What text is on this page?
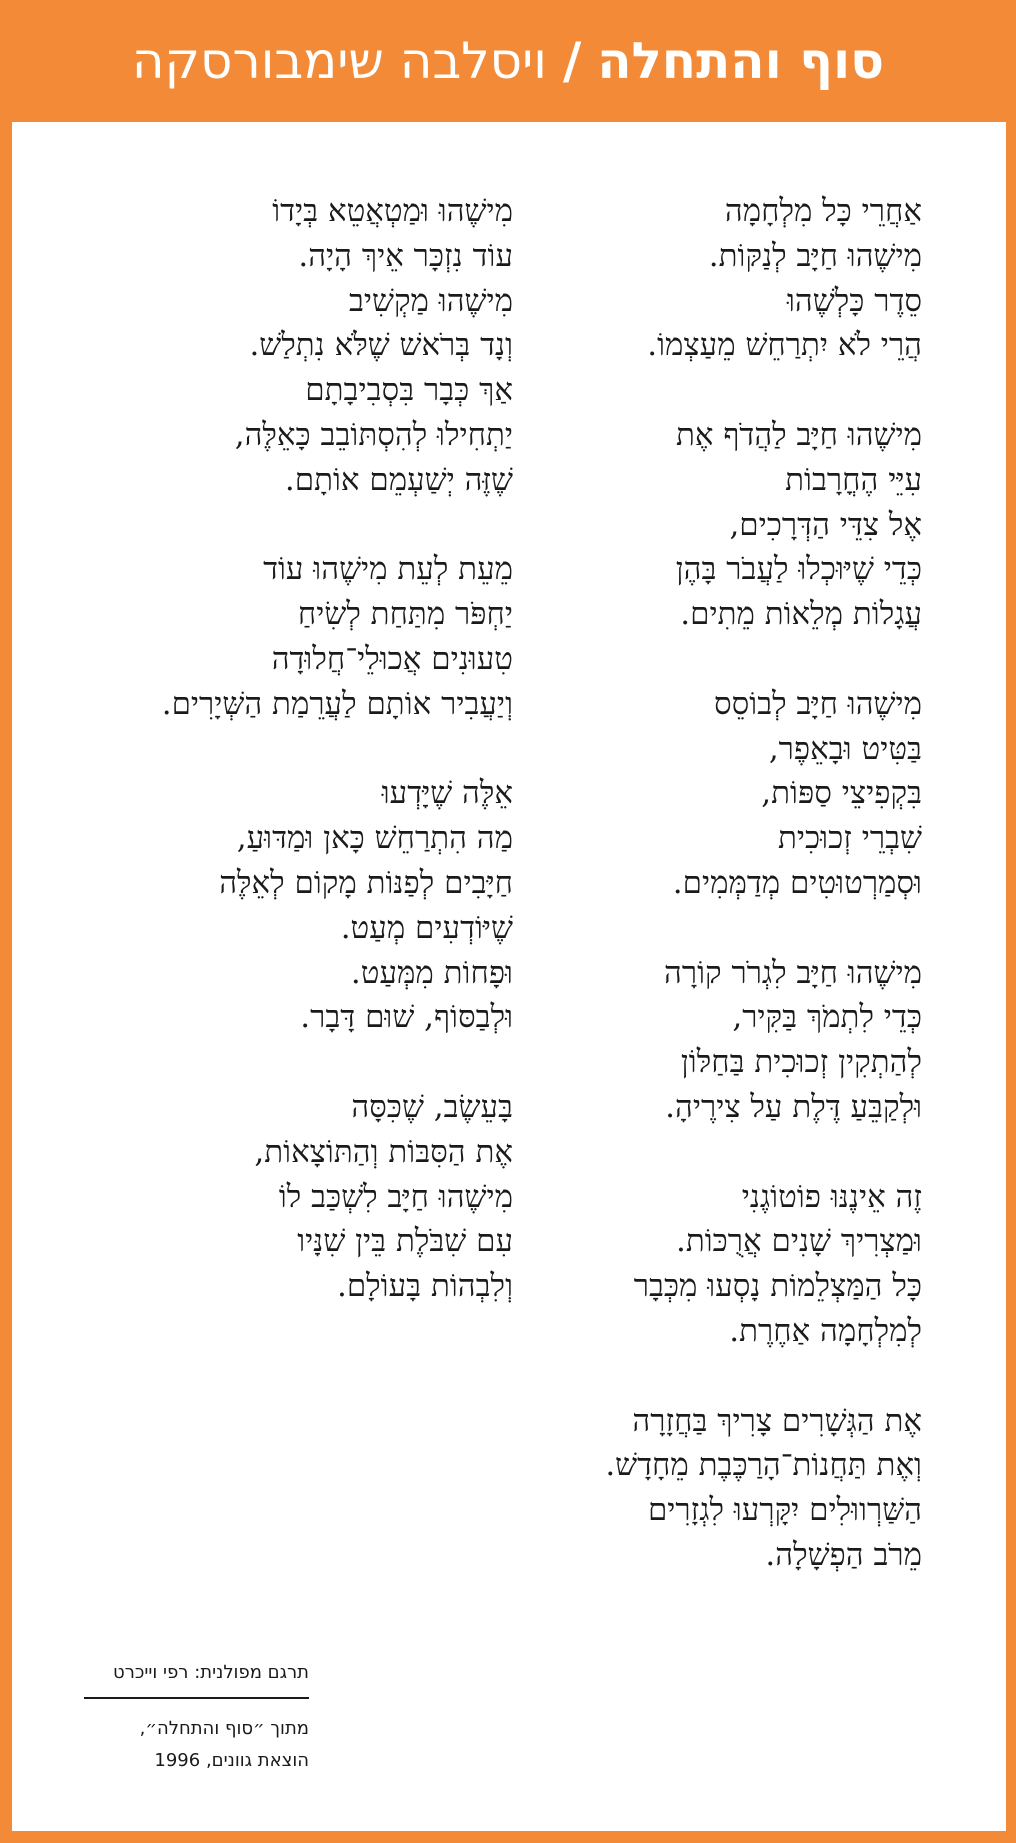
סוף והתחלה
/
ויסלבה שימבורסקה
אַחֲרֵי כָּל מִלְחָמָה
מִישֶׁהוּ חַיָּב לְנַקּוֹת.
סֵדֶר כָּלְשֶׁהוּ
הֲרֵי לֹא יִתְרַחֵשׁ מֵעַצְמוֹ.
מִישֶׁהוּ חַיָּב לַהֲדֹף אֶת
עִיֵּי הֶחֳרָבוֹת
אֶל צִדֵּי הַדְּרָכִים,
כְּדֵי שֶׁיּוּכְלוּ לַעֲבֹר בָּהֶן
עֲגָלוֹת מְלֵאוֹת מֵתִים.
מִישֶׁהוּ חַיָּב לְבוֹסֵס
בַּטִּיט וּבָאֵפֶר,
בִּקְפִיצֵי סַפּוֹת,
שִׁבְרֵי זְכוּכִית
וּסְמַרְטוּטִים מְדַמְּמִים.
מִישֶׁהוּ חַיָּב לִגְרֹר קוֹרָה
כְּדֵי לִתְמֹךְ בַּקִּיר,
לְהַתְקִין זְכוּכִית בַּחַלּוֹן
וּלְקַבֵּעַ דֶּלֶת עַל צִירֶיהָ.
זֶה אֵינֶנּוּ פוֹטוֹגֶנִי
וּמַצְרִיךְ שָׁנִים אֲרֻכּוֹת.
כָּל הַמַּצְלֵמוֹת נָסְעוּ מִכְּבָר
לְמִלְחָמָה אַחֶרֶת.
אֶת הַגְּשָׁרִים צָרִיךְ בַּחֲזָרָה
וְאֶת תַּחֲנוֹת־הָרַכֶּבֶת מֵחָדָשׁ.
הַשַּׁרְווּלִים יִקָּרְעוּ לִגְזָרִים
מֵרֹב הַפְשָׁלָה.
מִישֶׁהוּ וּמַטְאֲטֵא בְּיָדוֹ
עוֹד נִזְכָּר אֵיךְ הָיָה.
מִישֶׁהוּ מַקְשִׁיב
וְנָד בְּרֹאשׁ שֶׁלֹּא נִתְלַשׁ.
אַךְ כְּבָר בִּסְבִיבָתָם
יַתְחִילוּ לְהִסְתּוֹבֵב כָּאֵלֶּה,
שֶׁזֶּה יְשַׁעְמֵם אוֹתָם.
מֵעֵת לְעֵת מִישֶׁהוּ עוֹד
יַחְפֹּר מִתַּחַת לְשִׂיחַ
טִעוּנִים אֲכוּלֵי־חֲלוּדָה
וְיַעֲבִיר אוֹתָם לַעֲרֵמַת הַשְּׁיָרִים.
אֵלֶּה שֶׁיָּדְעוּ
מַה הִתְרַחֵשׁ כָּאן וּמַדּוּעַ,
חַיָּבִים לְפַנּוֹת מָקוֹם לְאֵלֶּה
שֶׁיּוֹדְעִים מְעַט.
וּפָחוֹת מִמְּעַט.
וּלְבַסּוֹף, שׁוּם דָּבָר.
בָּעֵשֶׂב, שֶׁכִּסָּה
אֶת הַסִּבּוֹת וְהַתּוֹצָאוֹת,
מִישֶׁהוּ חַיָּב לִשְׁכַּב לוֹ
עִם שִׁבֹּלֶת בֵּין שִׁנָּיו
וְלִבְהוֹת בָּעוֹלָם.
תרגם מפולנית: רפי וייכרט
מתוך ״סוף והתחלה״,
הוצאת גוונים, 1996
